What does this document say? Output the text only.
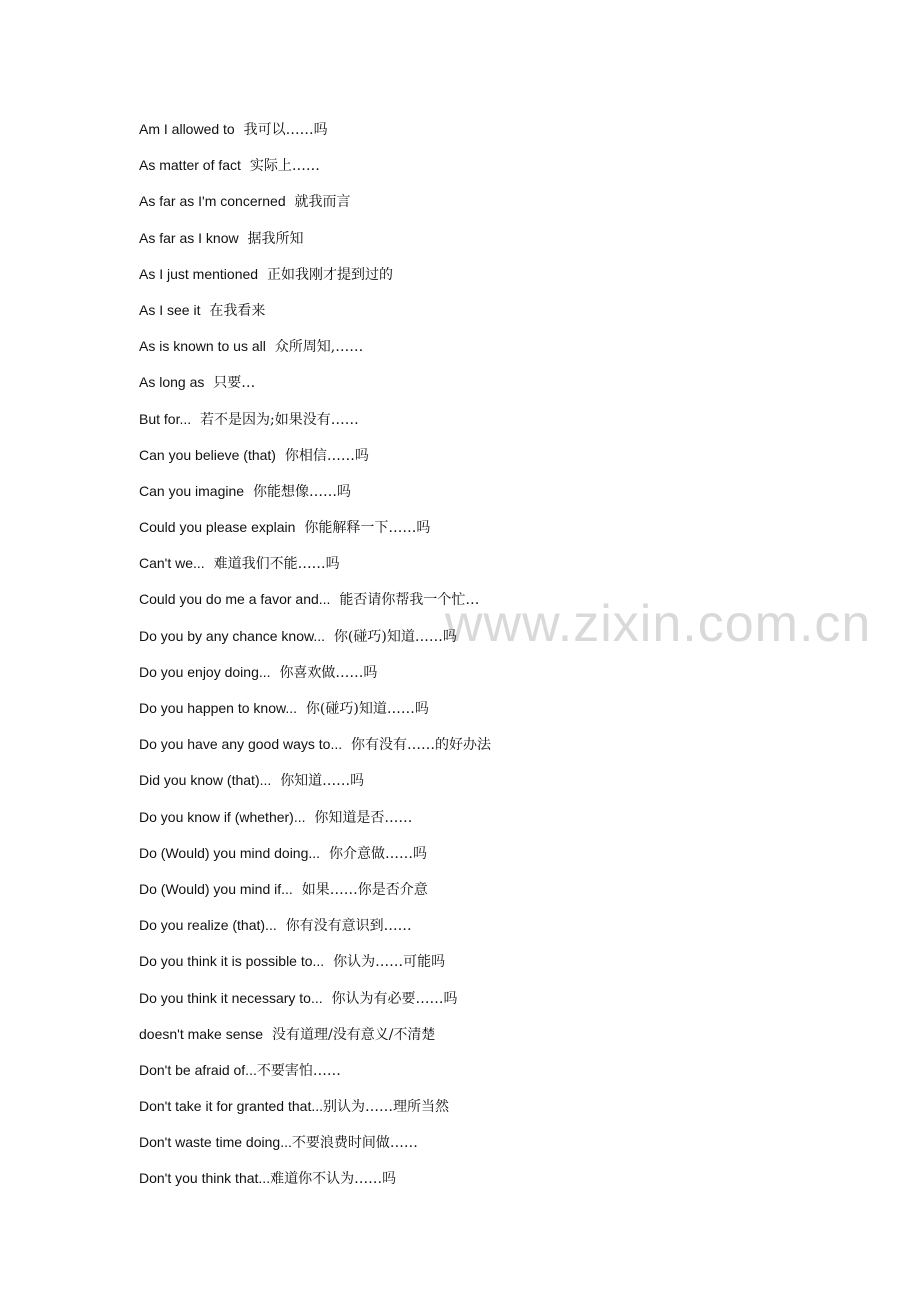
www.zixin.com.cn
Am I allowed to 我可以……吗
As matter of fact 实际上……
As far as I'm concerned 就我而言
As far as I know 据我所知
As I just mentioned 正如我刚才提到过的
As I see it 在我看来
As is known to us all 众所周知,……
As long as 只要…
But for... 若不是因为;如果没有……
Can you believe (that) 你相信……吗
Can you imagine 你能想像……吗
Could you please explain 你能解释一下……吗
Can't we... 难道我们不能……吗
Could you do me a favor and... 能否请你帮我一个忙…
Do you by any chance know... 你(碰巧)知道……吗
Do you enjoy doing... 你喜欢做……吗
Do you happen to know... 你(碰巧)知道……吗
Do you have any good ways to... 你有没有……的好办法
Did you know (that)... 你知道……吗
Do you know if (whether)... 你知道是否……
Do (Would) you mind doing... 你介意做……吗
Do (Would) you mind if... 如果……你是否介意
Do you realize (that)... 你有没有意识到……
Do you think it is possible to... 你认为……可能吗
Do you think it necessary to... 你认为有必要……吗
doesn't make sense 没有道理/没有意义/不清楚
Don't be afraid of...不要害怕……
Don't take it for granted that...别认为……理所当然
Don't waste time doing...不要浪费时间做……
Don't you think that...难道你不认为……吗
